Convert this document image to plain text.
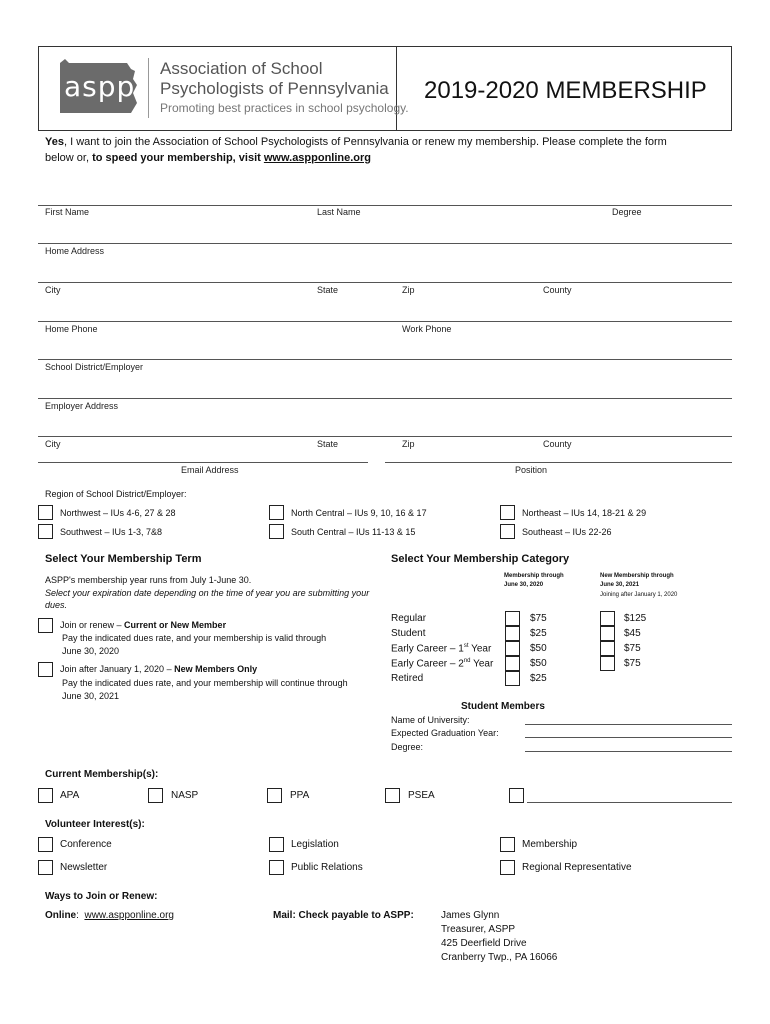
aspp
Association of School
Psychologists of Pennsylvania
Promoting best practices in school psychology.
2019-2020 MEMBERSHIP
Yes, I want to join the Association of School Psychologists of Pennsylvania or renew my membership. Please complete the form
below or, to speed your membership, visit www.aspponline.org
First Name	Last Name	Degree
Home Address
City	State	Zip	County
Home Phone	Work Phone
School District/Employer
Employer Address
City	State	Zip	County
Email Address	Position
Region of School District/Employer:
Northwest – IUs 4-6, 27 & 28	North Central – IUs 9, 10, 16 & 17	Northeast – IUs 14, 18-21 & 29
Southwest – IUs 1-3, 7&8	South Central – IUs 11-13 & 15	Southeast – IUs 22-26
Select Your Membership Term
ASPP's membership year runs from July 1-June 30.
Select your expiration date depending on the time of year you are submitting your
dues.
Join or renew – Current or New Member
Pay the indicated dues rate, and your membership is valid through
June 30, 2020
Join after January 1, 2020 – New Members Only
Pay the indicated dues rate, and your membership will continue through
June 30, 2021
Select Your Membership Category
Membership through
June 30, 2020
New Membership through
June 30, 2021
Joining after January 1, 2020
Regular	$75	$125
Student	$25	$45
Early Career – 1st Year	$50	$75
Early Career – 2nd Year	$50	$75
Retired	$25
Student Members
Name of University:
Expected Graduation Year:
Degree:
Current Membership(s):
APA	NASP	PPA	PSEA
Volunteer Interest(s):
Conference	Legislation	Membership
Newsletter	Public Relations	Regional Representative
Ways to Join or Renew:
Online:  www.aspponline.org	Mail: Check payable to ASPP:	James Glynn
Treasurer, ASPP
425 Deerfield Drive
Cranberry Twp., PA 16066
